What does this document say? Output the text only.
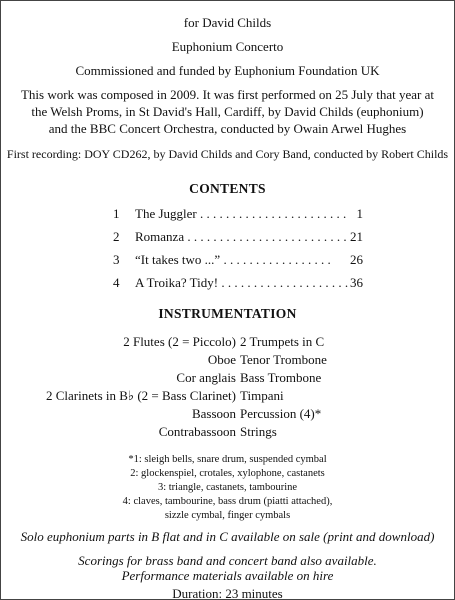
for David Childs
Euphonium Concerto
Commissioned and funded by Euphonium Foundation UK
This work was composed in 2009. It was first performed on 25 July that year at
the Welsh Proms, in St David's Hall, Cardiff, by David Childs (euphonium)
and the BBC Concert Orchestra, conducted by Owain Arwel Hughes
First recording: DOY CD262, by David Childs and Cory Band, conducted by Robert Childs
CONTENTS
1 The Juggler . . . . . . . . . . . . . . . . . . . . . . . 1
2 Romanza . . . . . . . . . . . . . . . . . . . . . . . . . 21
3 “It takes two ...” . . . . . . . . . . . . . . . . . 26
4 A Troika? Tidy! . . . . . . . . . . . . . . . . . . . . 36
INSTRUMENTATION
2 Flutes (2 = Piccolo)
Oboe
Cor anglais
2 Clarinets in B♭ (2 = Bass Clarinet)
Bassoon
Contrabassoon
2 Trumpets in C
Tenor Trombone
Bass Trombone
Timpani
Percussion (4)*
Strings
*1: sleigh bells, snare drum, suspended cymbal
2: glockenspiel, crotales, xylophone, castanets
3: triangle, castanets, tambourine
4: claves, tambourine, bass drum (piatti attached),
sizzle cymbal, finger cymbals
Solo euphonium parts in B flat and in C available on sale (print and download)
Scorings for brass band and concert band also available.
Performance materials available on hire
Duration: 23 minutes
